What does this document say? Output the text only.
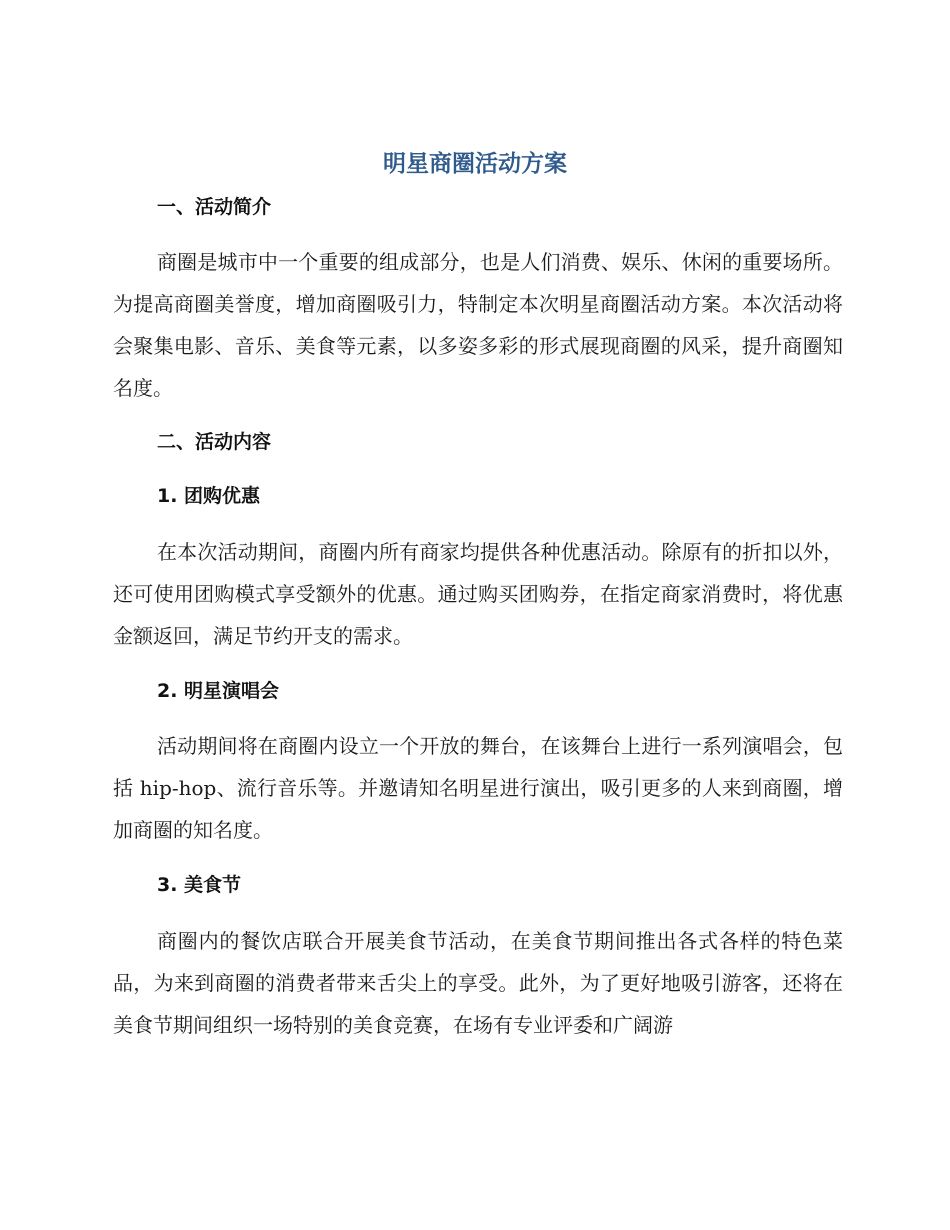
明星商圈活动方案
一、活动简介

商圈是城市中一个重要的组成部分，也是人们消费、娱乐、休闲的重要场所。为提高商圈美誉度，增加商圈吸引力，特制定本次明星商圈活动方案。本次活动将会聚集电影、音乐、美食等元素，以多姿多彩的形式展现商圈的风采，提升商圈知名度。

二、活动内容
1. 团购优惠

在本次活动期间，商圈内所有商家均提供各种优惠活动。除原有的折扣以外，还可使用团购模式享受额外的优惠。通过购买团购券，在指定商家消费时，将优惠金额返回，满足节约开支的需求。

2. 明星演唱会

活动期间将在商圈内设立一个开放的舞台，在该舞台上进行一系列演唱会，包括 hip-hop、流行音乐等。并邀请知名明星进行演出，吸引更多的人来到商圈，增加商圈的知名度。

3. 美食节

商圈内的餐饮店联合开展美食节活动，在美食节期间推出各式各样的特色菜品，为来到商圈的消费者带来舌尖上的享受。此外，为了更好地吸引游客，还将在美食节期间组织一场特别的美食竞赛，在场有专业评委和广阔游
